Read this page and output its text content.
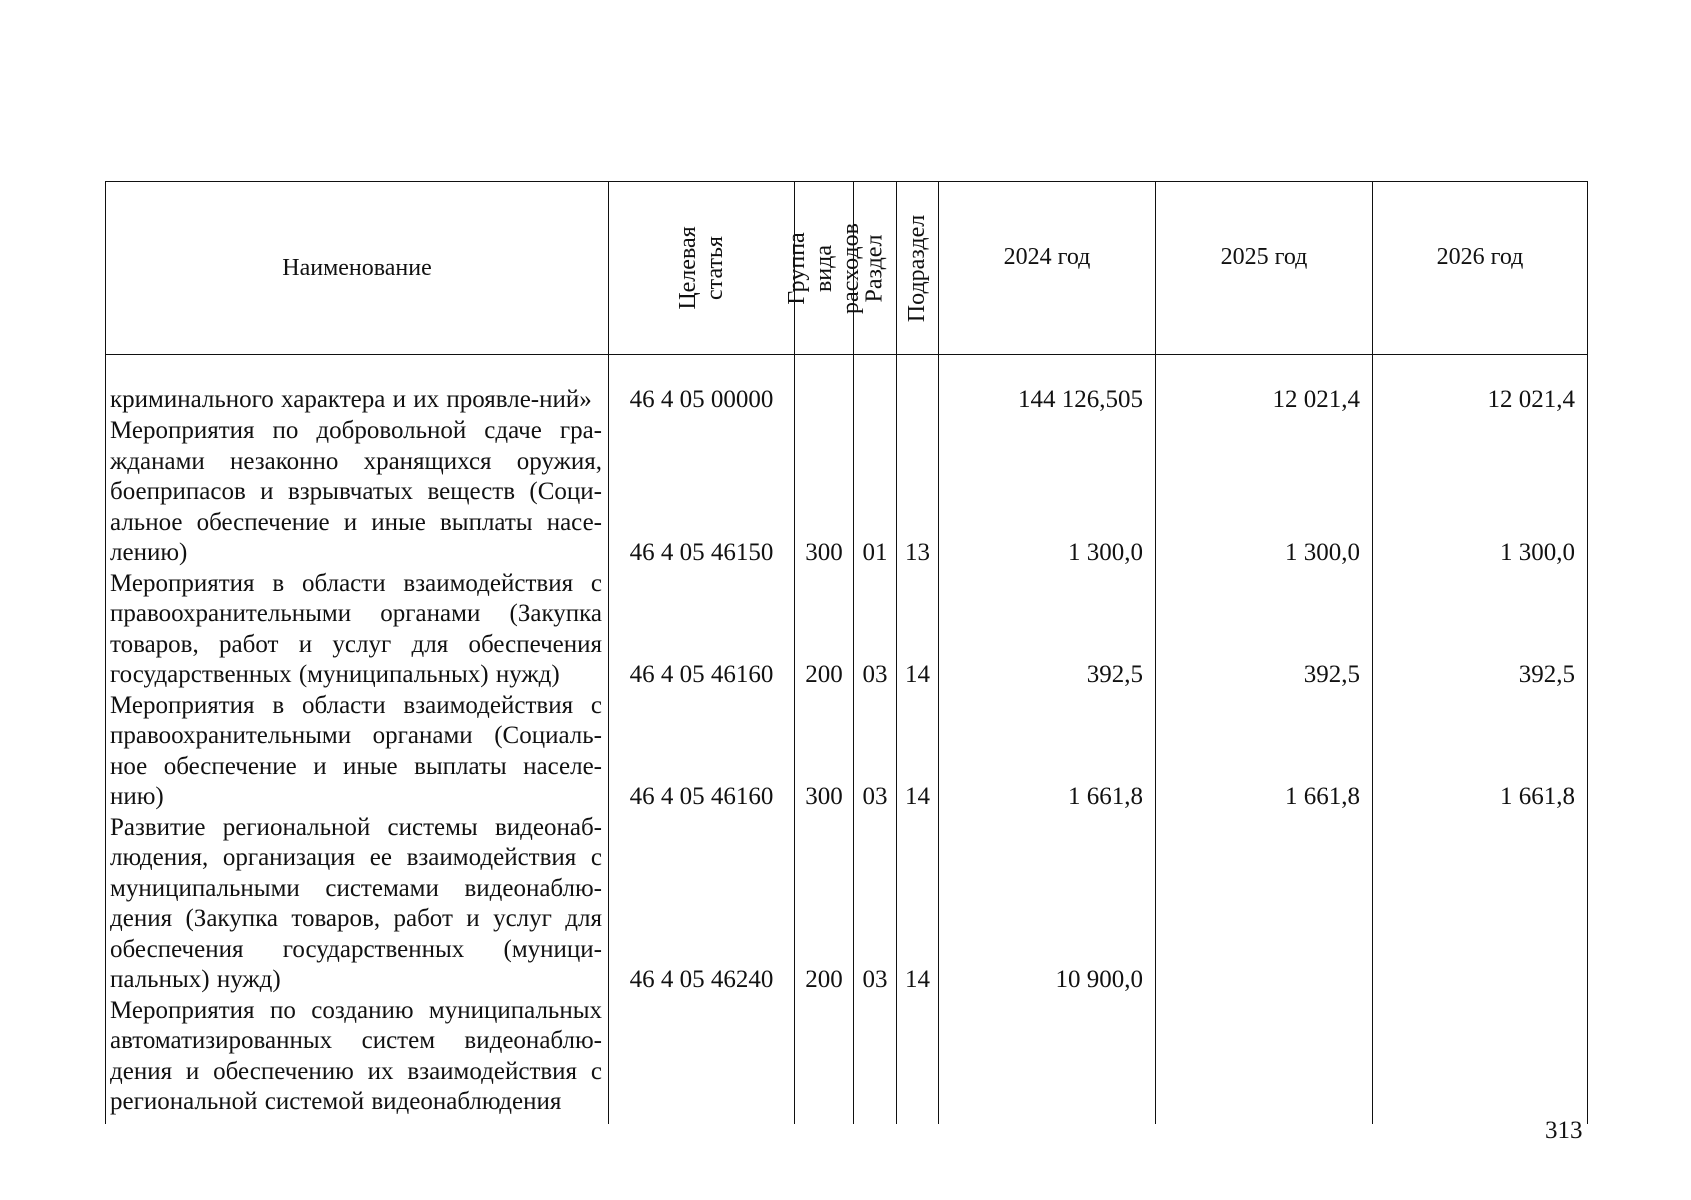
Наименование	Целевая статья	Группа вида расходов	Раздел	Подраздел	2024 год	2025 год	2026 год
криминального характера и их проявле-ний»	46 4 05 00000				144 126,505	12 021,4	12 021,4
Мероприятия по добровольной сдаче гра-жданами незаконно хранящихся оружия, боеприпасов и взрывчатых веществ (Соци-альное обеспечение и иные выплаты насе-лению)	46 4 05 46150	300	01	13	1 300,0	1 300,0	1 300,0
Мероприятия в области взаимодействия с правоохранительными органами (Закупка товаров, работ и услуг для обеспечения государственных (муниципальных) нужд)	46 4 05 46160	200	03	14	392,5	392,5	392,5
Мероприятия в области взаимодействия с правоохранительными органами (Социаль-ное обеспечение и иные выплаты населе-нию)	46 4 05 46160	300	03	14	1 661,8	1 661,8	1 661,8
Развитие региональной системы видеонаб-людения, организация ее взаимодействия с муниципальными системами видеонаблю-дения (Закупка товаров, работ и услуг для обеспечения государственных (муници-пальных) нужд)	46 4 05 46240	200	03	14	10 900,0		
Мероприятия по созданию муниципальных автоматизированных систем видеонаблю-дения и обеспечению их взаимодействия с региональной системой видеонаблюдения							
313
